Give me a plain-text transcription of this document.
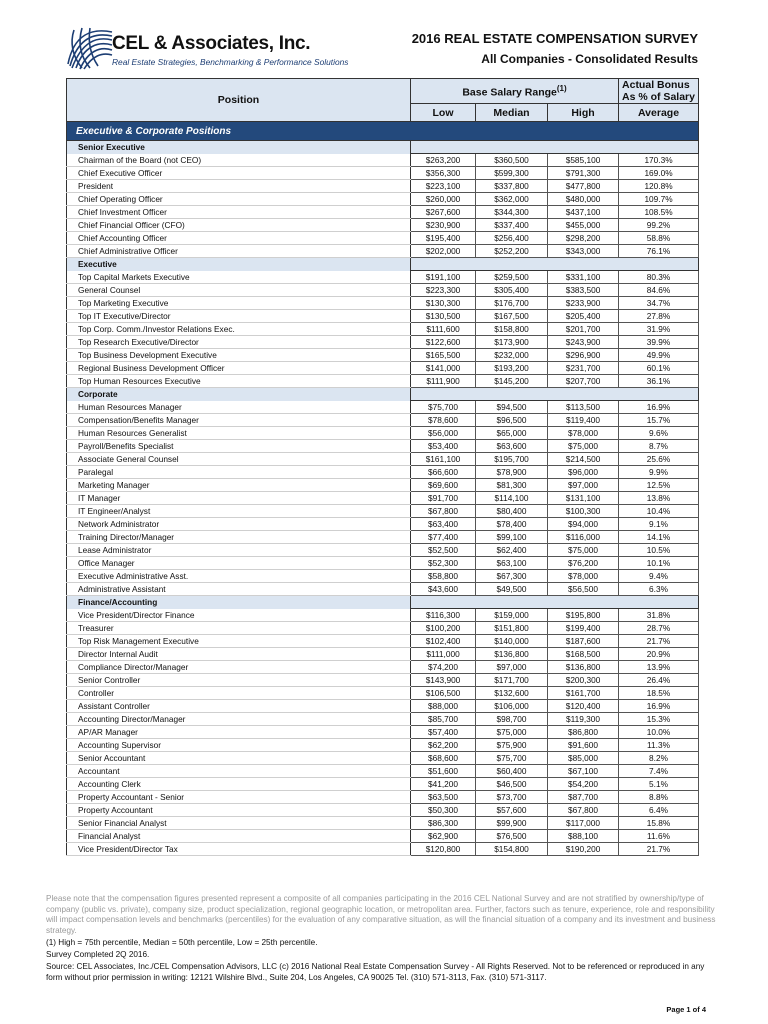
CEL & Associates, Inc.
Real Estate Strategies, Benchmarking & Performance Solutions
2016 REAL ESTATE COMPENSATION SURVEY
All Companies - Consolidated Results
Position	Base Salary Range$^{(1)}$			Actual Bonus
As % of Salary

	Low	Median	High	Average
Executive & Corporate Positions				
Senior Executive				
Chairman of the Board (not CEO)	$263,200	$360,500	$585,100	170.3%
Chief Executive Officer	$356,300	$599,300	$791,300	169.0%
President	$223,100	$337,800	$477,800	120.8%
Chief Operating Officer	$260,000	$362,000	$480,000	109.7%
Chief Investment Officer	$267,600	$344,300	$437,100	108.5%
Chief Financial Officer (CFO)	$230,900	$337,400	$455,000	99.2%
Chief Accounting Officer	$195,400	$256,400	$298,200	58.8%
Chief Administrative Officer	$202,000	$252,200	$343,000	76.1%
Executive				
Top Capital Markets Executive	$191,100	$259,500	$331,100	80.3%
General Counsel	$223,300	$305,400	$383,500	84.6%
Top Marketing Executive	$130,300	$176,700	$233,900	34.7%
Top IT Executive/Director	$130,500	$167,500	$205,400	27.8%
Top Corp. Comm./Investor Relations Exec.	$111,600	$158,800	$201,700	31.9%
Top Research Executive/Director	$122,600	$173,900	$243,900	39.9%
Top Business Development Executive	$165,500	$232,000	$296,900	49.9%
Regional Business Development Officer	$141,000	$193,200	$231,700	60.1%
Top Human Resources Executive	$111,900	$145,200	$207,700	36.1%
Corporate				
Human Resources Manager	$75,700	$94,500	$113,500	16.9%
Compensation/Benefits Manager	$78,600	$96,500	$119,400	15.7%
Human Resources Generalist	$56,000	$65,000	$78,000	9.6%
Payroll/Benefits Specialist	$53,400	$63,600	$75,000	8.7%
Associate General Counsel	$161,100	$195,700	$214,500	25.6%
Paralegal	$66,600	$78,900	$96,000	9.9%
Marketing Manager	$69,600	$81,300	$97,000	12.5%
IT Manager	$91,700	$114,100	$131,100	13.8%
IT Engineer/Analyst	$67,800	$80,400	$100,300	10.4%
Network Administrator	$63,400	$78,400	$94,000	9.1%
Training Director/Manager	$77,400	$99,100	$116,000	14.1%
Lease Administrator	$52,500	$62,400	$75,000	10.5%
Office Manager	$52,300	$63,100	$76,200	10.1%
Executive Administrative Asst.	$58,800	$67,300	$78,000	9.4%
Administrative Assistant	$43,600	$49,500	$56,500	6.3%
Finance/Accounting				
Vice President/Director Finance	$116,300	$159,000	$195,800	31.8%
Treasurer	$100,200	$151,800	$199,400	28.7%
Top Risk Management Executive	$102,400	$140,000	$187,600	21.7%
Director Internal Audit	$111,000	$136,800	$168,500	20.9%
Compliance Director/Manager	$74,200	$97,000	$136,800	13.9%
Senior Controller	$143,900	$171,700	$200,300	26.4%
Controller	$106,500	$132,600	$161,700	18.5%
Assistant Controller	$88,000	$106,000	$120,400	16.9%
Accounting Director/Manager	$85,700	$98,700	$119,300	15.3%
AP/AR Manager	$57,400	$75,000	$86,800	10.0%
Accounting Supervisor	$62,200	$75,900	$91,600	11.3%
Senior Accountant	$68,600	$75,700	$85,000	8.2%
Accountant	$51,600	$60,400	$67,100	7.4%
Accounting Clerk	$41,200	$46,500	$54,200	5.1%
Property Accountant - Senior	$63,500	$73,700	$87,700	8.8%
Property Accountant	$50,300	$57,600	$67,800	6.4%
Senior Financial Analyst	$86,300	$99,900	$117,000	15.8%
Financial Analyst	$62,900	$76,500	$88,100	11.6%
Vice President/Director Tax	$120,800	$154,800	$190,200	21.7%
Please note that the compensation figures presented represent a composite of all companies participating in the 2016 CEL National Survey and are not stratified by ownership/type of company (public vs. private), company size, product specialization, regional geographic location, or metropolitan area. Further, factors such as tenure, experience, role and responsibility will impact compensation levels and benchmarks (percentiles) for the evaluation of any comparative situation, as will the financial situation of a company and its investment and business strategy.
(1) High = 75th percentile, Median = 50th percentile, Low = 25th percentile.
Survey Completed 2Q 2016.
Source: CEL Associates, Inc./CEL Compensation Advisors, LLC (c) 2016 National Real Estate Compensation Survey - All Rights Reserved. Not to be referenced or reproduced in any form without prior permission in writing: 12121 Wilshire Blvd., Suite 204, Los Angeles, CA 90025 Tel. (310) 571-3113, Fax. (310) 571-3117.
Page 1 of 4
